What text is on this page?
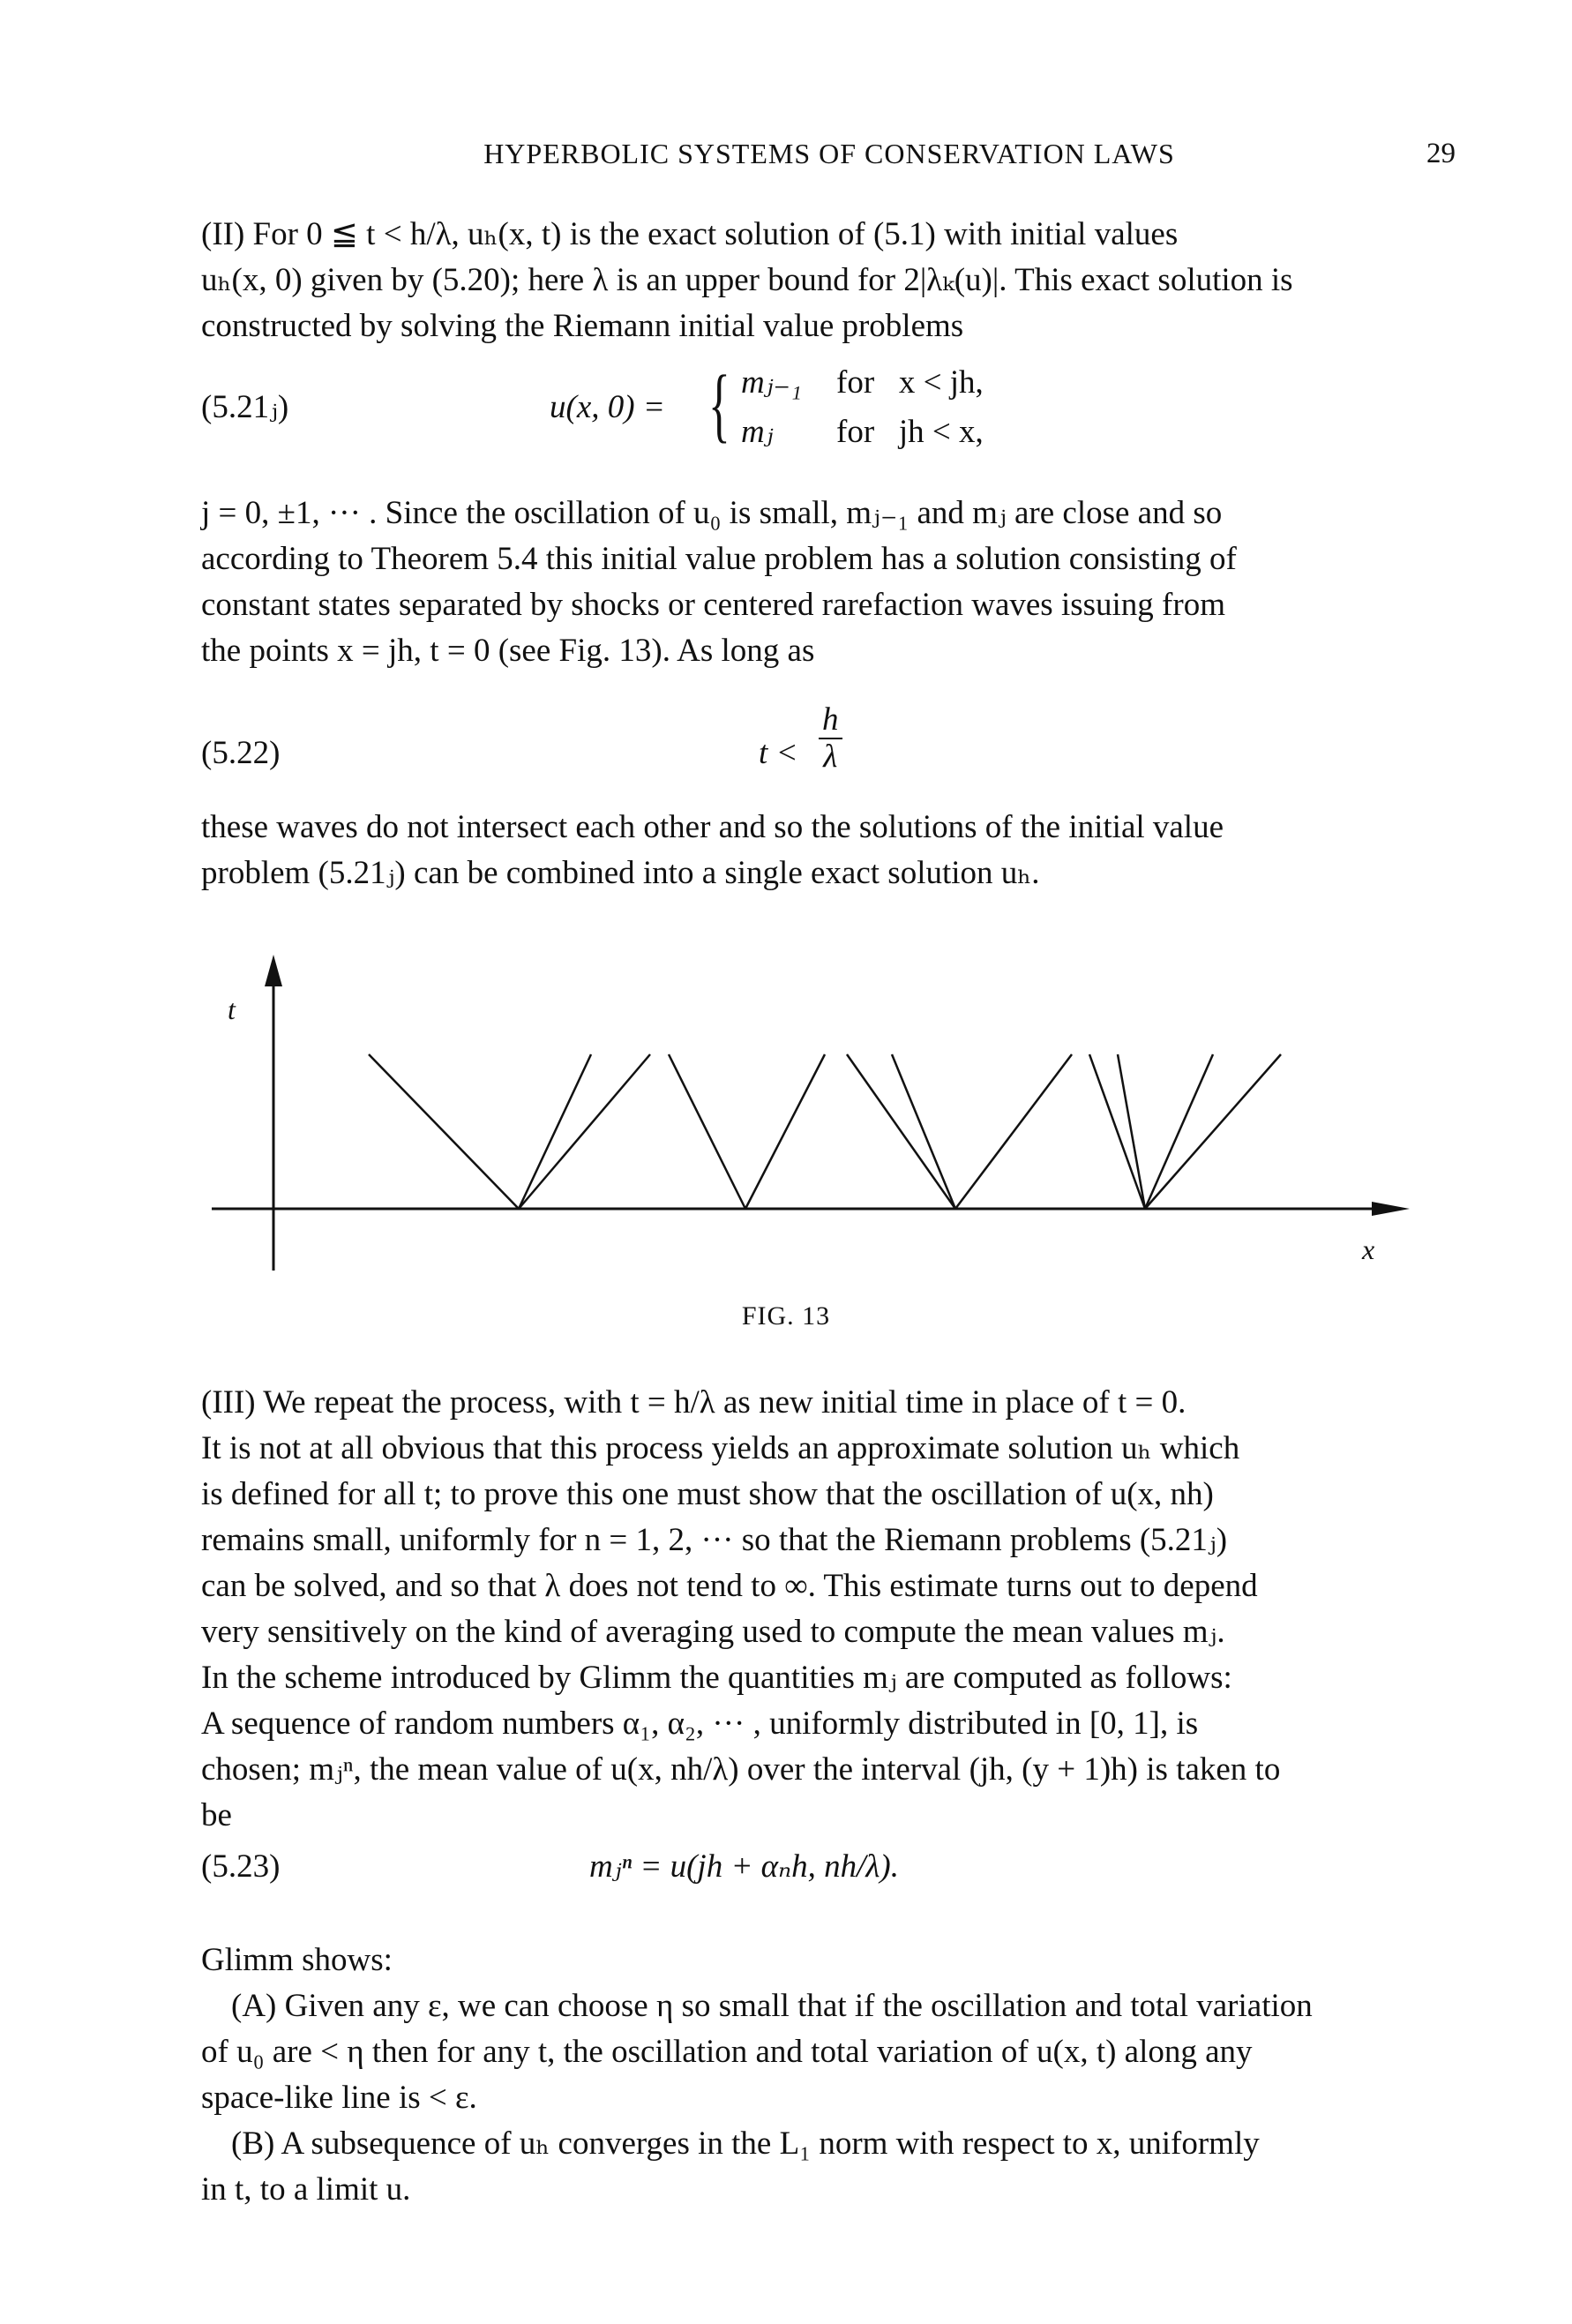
HYPERBOLIC SYSTEMS OF CONSERVATION LAWS	29
(II) For 0 ≦ t < h/λ, uₕ(x, t) is the exact solution of (5.1) with initial values
uₕ(x, 0) given by (5.20); here λ is an upper bound for 2|λₖ(u)|. This exact solution is
constructed by solving the Riemann initial value problems
(5.21ⱼ)	u(x, 0) = { mⱼ₋₁ for   x < jh,
mⱼ for   jh < x,
j = 0, ±1, ··· . Since the oscillation of u₀ is small, mⱼ₋₁ and mⱼ are close and so
according to Theorem 5.4 this initial value problem has a solution consisting of
constant states separated by shocks or centered rarefaction waves issuing from
the points x = jh, t = 0 (see Fig. 13). As long as
(5.22)	$t < \frac{h}{\lambda}$
these waves do not intersect each other and so the solutions of the initial value
problem (5.21ⱼ) can be combined into a single exact solution uₕ.
t
x
FIG. 13
(III) We repeat the process, with t = h/λ as new initial time in place of t = 0.
It is not at all obvious that this process yields an approximate solution uₕ which
is defined for all t; to prove this one must show that the oscillation of u(x, nh)
remains small, uniformly for n = 1, 2, ··· so that the Riemann problems (5.21ⱼ)
can be solved, and so that λ does not tend to ∞. This estimate turns out to depend
very sensitively on the kind of averaging used to compute the mean values mⱼ.
In the scheme introduced by Glimm the quantities mⱼ are computed as follows:
A sequence of random numbers α₁, α₂, ··· , uniformly distributed in [0, 1], is
chosen; mⱼⁿ, the mean value of u(x, nh/λ) over the interval (jh, (y + 1)h) is taken to
be
(5.23)	mⱼⁿ = u(jh + αₙh, nh/λ).
Glimm shows:
(A) Given any ε, we can choose η so small that if the oscillation and total variation
of u₀ are < η then for any t, the oscillation and total variation of u(x, t) along any
space-like line is < ε.
(B) A subsequence of uₕ converges in the L₁ norm with respect to x, uniformly
in t, to a limit u.
